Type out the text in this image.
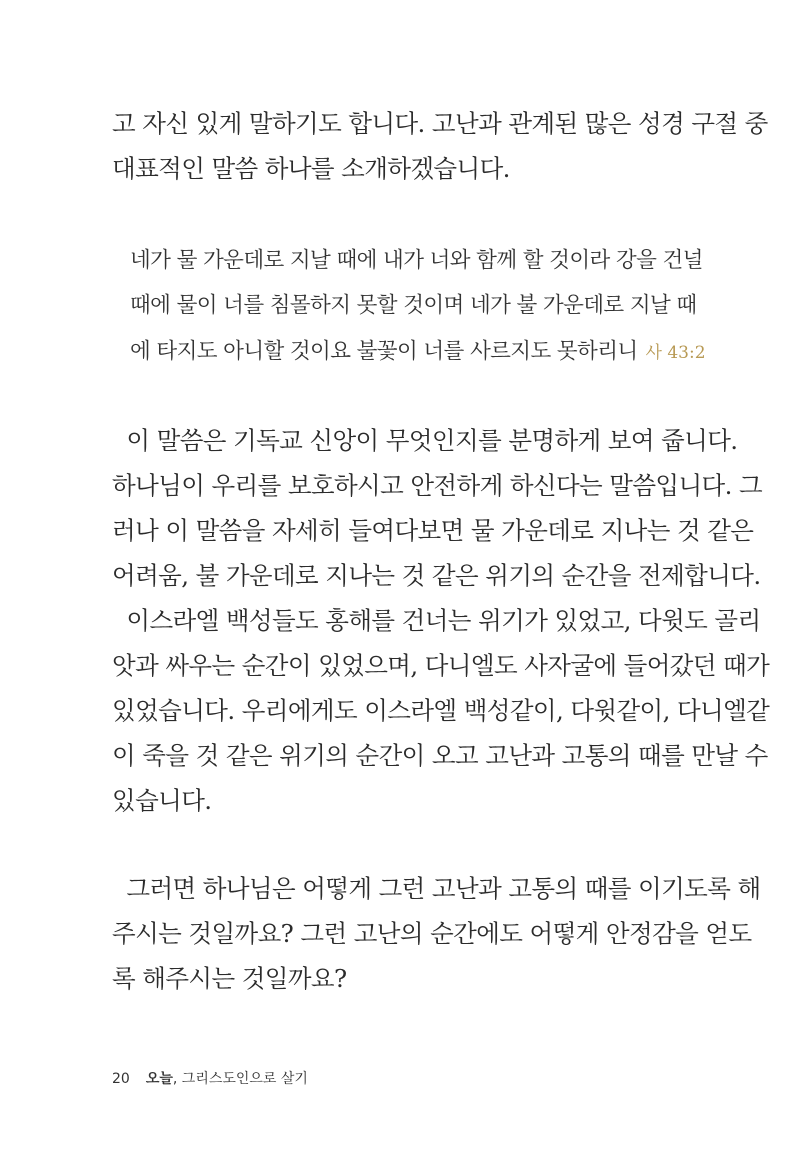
고 자신 있게 말하기도 합니다. 고난과 관계된 많은 성경 구절 중

대표적인 말씀 하나를 소개하겠습니다.

네가 물 가운데로 지날 때에 내가 너와 함께 할 것이라 강을 건널

때에 물이 너를 침몰하지 못할 것이며 네가 불 가운데로 지날 때

에 타지도 아니할 것이요 불꽃이 너를 사르지도 못하리니 사 43:2

이 말씀은 기독교 신앙이 무엇인지를 분명하게 보여 줍니다.

하나님이 우리를 보호하시고 안전하게 하신다는 말씀입니다. 그

러나 이 말씀을 자세히 들여다보면 물 가운데로 지나는 것 같은

어려움, 불 가운데로 지나는 것 같은 위기의 순간을 전제합니다.

이스라엘 백성들도 홍해를 건너는 위기가 있었고, 다윗도 골리

앗과 싸우는 순간이 있었으며, 다니엘도 사자굴에 들어갔던 때가

있었습니다. 우리에게도 이스라엘 백성같이, 다윗같이, 다니엘같

이 죽을 것 같은 위기의 순간이 오고 고난과 고통의 때를 만날 수

있습니다.

그러면 하나님은 어떻게 그런 고난과 고통의 때를 이기도록 해

주시는 것일까요? 그런 고난의 순간에도 어떻게 안정감을 얻도

록 해주시는 것일까요?

20 오늘, 그리스도인으로 살기
